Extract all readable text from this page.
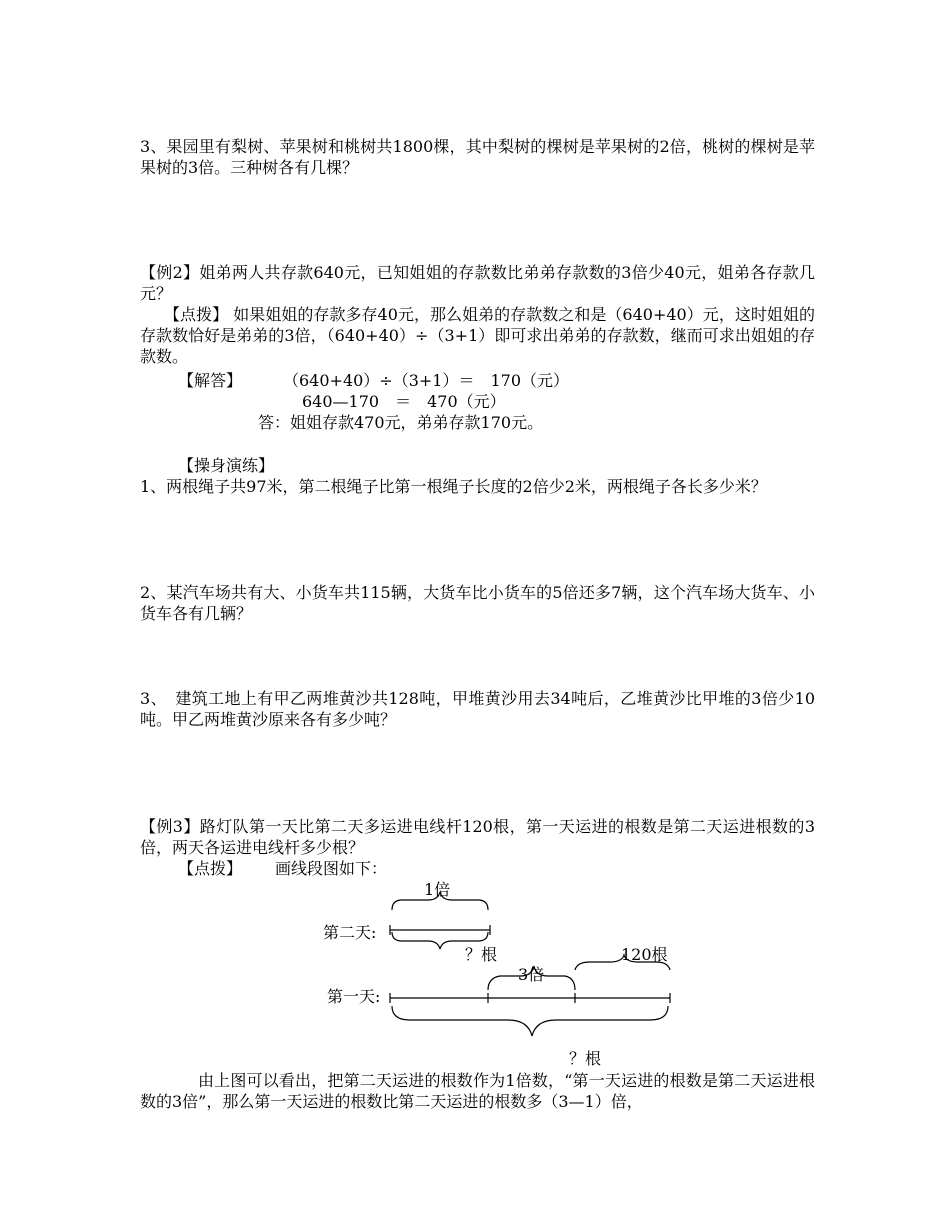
3、果园里有梨树、苹果树和桃树共1800棵，其中梨树的棵树是苹果树的2倍，桃树的棵树是苹果树的3倍。三种树各有几棵？
【例2】姐弟两人共存款640元，已知姐姐的存款数比弟弟存款数的3倍少40元，姐弟各存款几元？
【点拨】 如果姐姐的存款多存40元，那么姐弟的存款数之和是（640+40）元，这时姐姐的存款数恰好是弟弟的3倍，（640+40）÷（3+1）即可求出弟弟的存款数，继而可求出姐姐的存款数。
【解答】	（640+40）÷（3+1）＝　170（元）
640—170　＝　470（元）
答：姐姐存款470元，弟弟存款170元。
【操身演练】
1、两根绳子共97米，第二根绳子比第一根绳子长度的2倍少2米，两根绳子各长多少米？
2、某汽车场共有大、小货车共115辆，大货车比小货车的5倍还多7辆，这个汽车场大货车、小货车各有几辆？
3、　建筑工地上有甲乙两堆黄沙共128吨，甲堆黄沙用去34吨后，乙堆黄沙比甲堆的3倍少10吨。甲乙两堆黄沙原来各有多少吨？
【例3】路灯队第一天比第二天多运进电线杆120根，第一天运进的根数是第二天运进根数的3倍，两天各运进电线杆多少根？
【点拨】 画线段图如下：
1倍
第二天:
？根
3倍
120根
第一天:
？根
由上图可以看出，把第二天运进的根数作为1倍数，“第一天运进的根数是第二天运进根数的3倍”，那么第一天运进的根数比第二天运进的根数多（3—1）倍，
